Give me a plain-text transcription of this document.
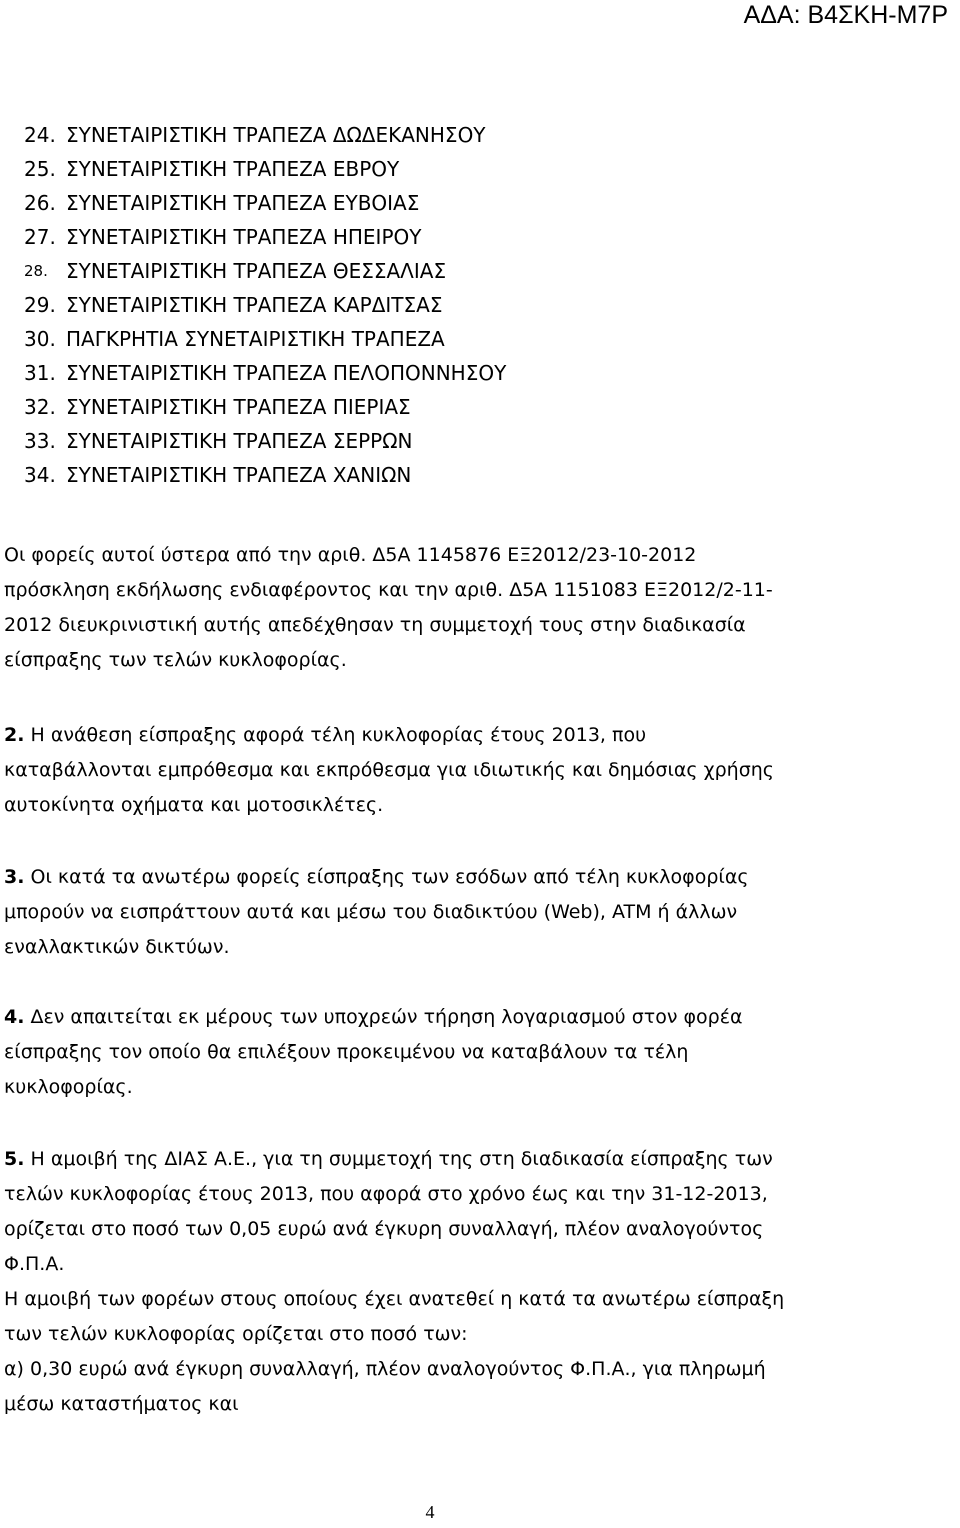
ΑΔΑ: Β4ΣΚΗ-Μ7Ρ
24. ΣΥΝΕΤΑΙΡΙΣΤΙΚΗ ΤΡΑΠΕΖΑ ΔΩΔΕΚΑΝΗΣΟΥ
25. ΣΥΝΕΤΑΙΡΙΣΤΙΚΗ ΤΡΑΠΕΖΑ ΕΒΡΟΥ
26. ΣΥΝΕΤΑΙΡΙΣΤΙΚΗ ΤΡΑΠΕΖΑ ΕΥΒΟΙΑΣ
27. ΣΥΝΕΤΑΙΡΙΣΤΙΚΗ ΤΡΑΠΕΖΑ ΗΠΕΙΡΟΥ
28. ΣΥΝΕΤΑΙΡΙΣΤΙΚΗ ΤΡΑΠΕΖΑ ΘΕΣΣΑΛΙΑΣ
29. ΣΥΝΕΤΑΙΡΙΣΤΙΚΗ ΤΡΑΠΕΖΑ ΚΑΡΔΙΤΣΑΣ
30. ΠΑΓΚΡΗΤΙΑ ΣΥΝΕΤΑΙΡΙΣΤΙΚΗ ΤΡΑΠΕΖΑ
31. ΣΥΝΕΤΑΙΡΙΣΤΙΚΗ ΤΡΑΠΕΖΑ ΠΕΛΟΠΟΝΝΗΣΟΥ
32. ΣΥΝΕΤΑΙΡΙΣΤΙΚΗ ΤΡΑΠΕΖΑ ΠΙΕΡΙΑΣ
33. ΣΥΝΕΤΑΙΡΙΣΤΙΚΗ ΤΡΑΠΕΖΑ ΣΕΡΡΩΝ
34. ΣΥΝΕΤΑΙΡΙΣΤΙΚΗ ΤΡΑΠΕΖΑ ΧΑΝΙΩΝ
Οι φορείς αυτοί ύστερα από την αριθ. Δ5Α 1145876 ΕΞ2012/23-10-2012
πρόσκληση εκδήλωσης ενδιαφέροντος και την αριθ. Δ5Α 1151083 ΕΞ2012/2-11-
2012 διευκρινιστική αυτής απεδέχθησαν τη συμμετοχή τους στην διαδικασία
είσπραξης των τελών κυκλοφορίας.
2. Η ανάθεση είσπραξης αφορά τέλη κυκλοφορίας έτους 2013, που
καταβάλλονται εμπρόθεσμα και εκπρόθεσμα για ιδιωτικής και δημόσιας χρήσης
αυτοκίνητα οχήματα και μοτοσικλέτες.
3. Οι κατά τα ανωτέρω φορείς είσπραξης των εσόδων από τέλη κυκλοφορίας
μπορούν να εισπράττουν αυτά και μέσω του διαδικτύου (Web), ATM ή άλλων
εναλλακτικών δικτύων.
4. Δεν απαιτείται εκ μέρους των υποχρεών τήρηση λογαριασμού στον φορέα
είσπραξης τον οποίο θα επιλέξουν προκειμένου να καταβάλουν τα τέλη
κυκλοφορίας.
5. Η αμοιβή της ΔΙΑΣ Α.Ε., για τη συμμετοχή της στη διαδικασία είσπραξης των
τελών κυκλοφορίας έτους 2013, που αφορά στο χρόνο έως και την 31-12-2013,
ορίζεται στο ποσό των 0,05 ευρώ ανά έγκυρη συναλλαγή, πλέον αναλογούντος
Φ.Π.Α.
Η αμοιβή των φορέων στους οποίους έχει ανατεθεί η κατά τα ανωτέρω είσπραξη
των τελών κυκλοφορίας ορίζεται στο ποσό των:
α) 0,30 ευρώ ανά έγκυρη συναλλαγή, πλέον αναλογούντος Φ.Π.Α., για πληρωμή
μέσω καταστήματος και
4
